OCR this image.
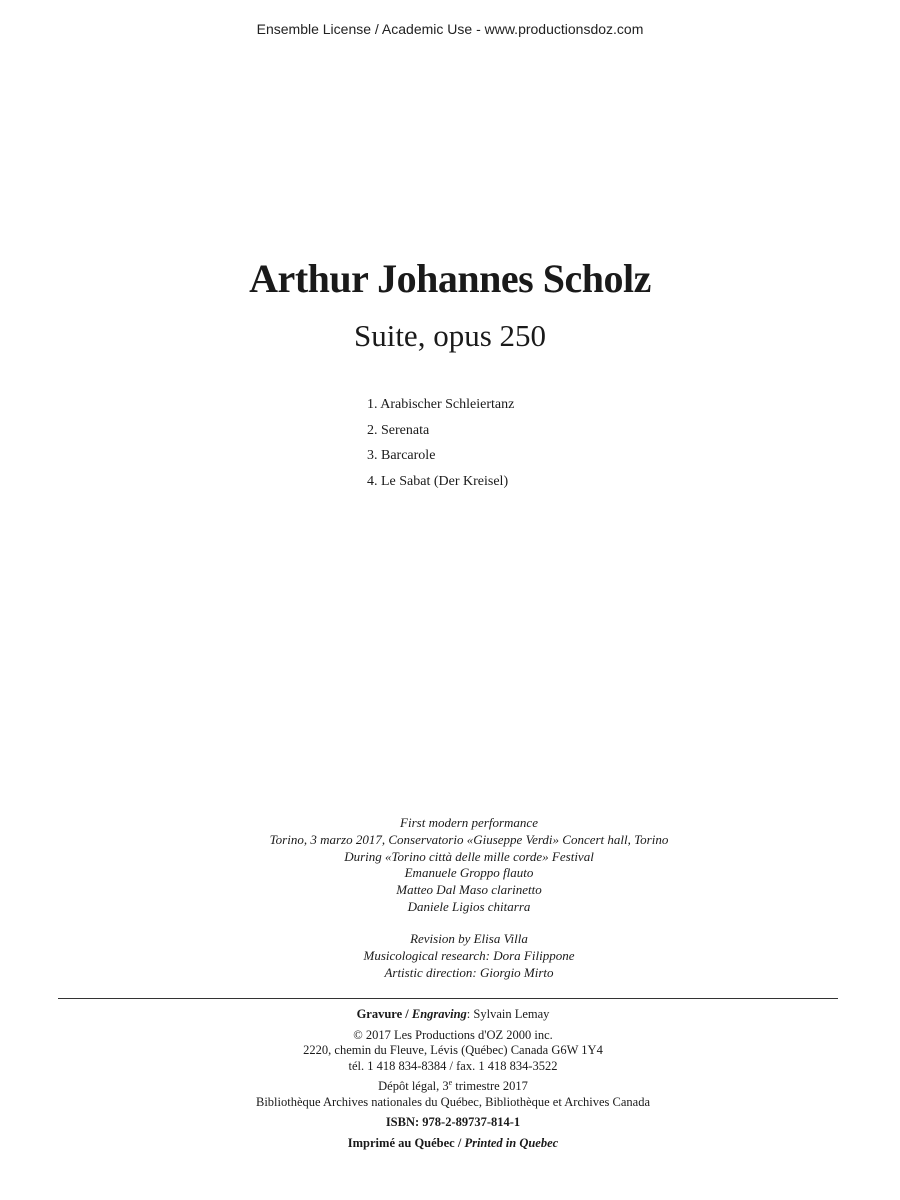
Ensemble License / Academic Use - www.productionsdoz.com
Arthur Johannes Scholz
Suite, opus 250
1. Arabischer Schleiertanz
2. Serenata
3. Barcarole
4. Le Sabat (Der Kreisel)
First modern performance
Torino, 3 marzo 2017, Conservatorio «Giuseppe Verdi» Concert hall, Torino
During «Torino città delle mille corde» Festival
Emanuele Groppo flauto
Matteo Dal Maso clarinetto
Daniele Ligios chitarra
Revision by Elisa Villa
Musicological research: Dora Filippone
Artistic direction: Giorgio Mirto
Gravure / Engraving: Sylvain Lemay
© 2017 Les Productions d'OZ 2000 inc.
2220, chemin du Fleuve, Lévis (Québec) Canada G6W 1Y4
tél. 1 418 834-8384 / fax. 1 418 834-3522
Dépôt légal, 3e trimestre 2017
Bibliothèque Archives nationales du Québec, Bibliothèque et Archives Canada
ISBN: 978-2-89737-814-1
Imprimé au Québec / Printed in Quebec
